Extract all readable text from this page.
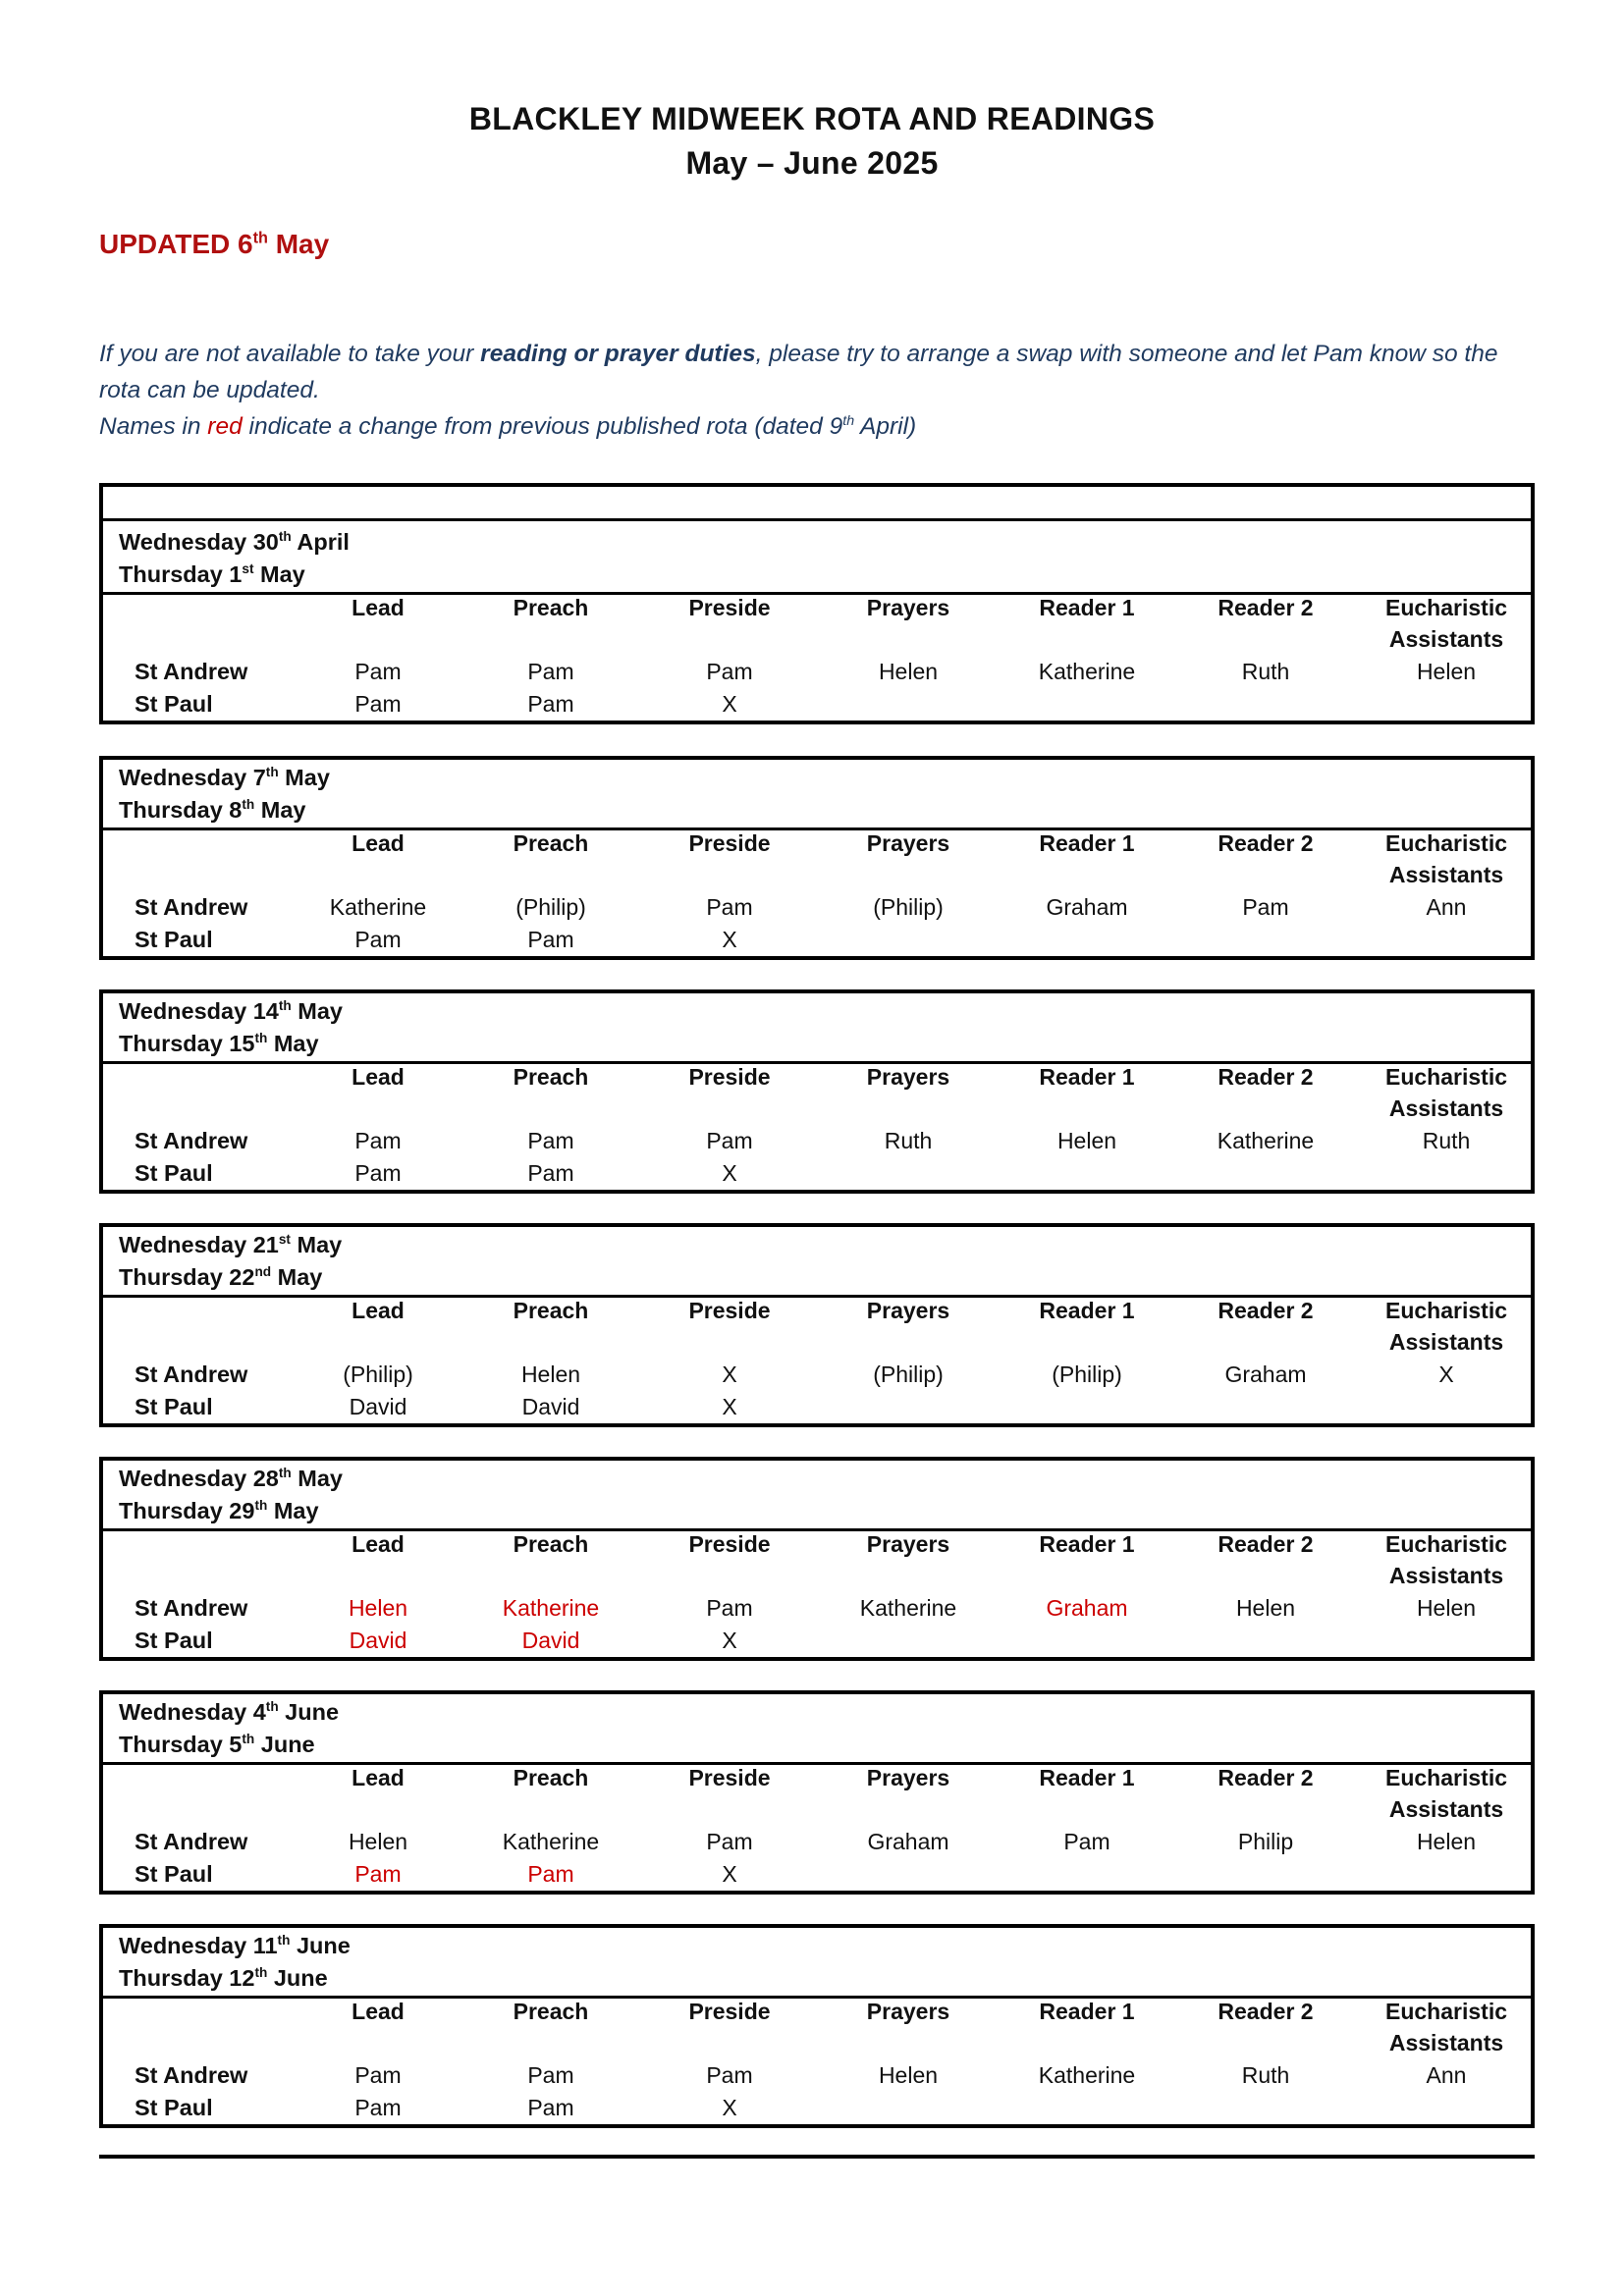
BLACKLEY MIDWEEK ROTA AND READINGS
May – June 2025
UPDATED 6th May
If you are not available to take your reading or prayer duties, please try to arrange a swap with someone and let Pam know so the rota can be updated.
Names in red indicate a change from previous published rota (dated 9th April)
Wednesday 30th April
Thursday 1st May
Lead	Preach	Preside	Prayers	Reader 1	Reader 2	Eucharistic
Assistants
St Andrew	Pam	Pam	Pam	Helen	Katherine	Ruth	Helen
St Paul	Pam	Pam	X
Wednesday 7th May
Thursday 8th May
Lead	Preach	Preside	Prayers	Reader 1	Reader 2	Eucharistic
Assistants
St Andrew	Katherine	(Philip)	Pam	(Philip)	Graham	Pam	Ann
St Paul	Pam	Pam	X
Wednesday 14th May
Thursday 15th May
Lead	Preach	Preside	Prayers	Reader 1	Reader 2	Eucharistic
Assistants
St Andrew	Pam	Pam	Pam	Ruth	Helen	Katherine	Ruth
St Paul	Pam	Pam	X
Wednesday 21st May
Thursday 22nd May
Lead	Preach	Preside	Prayers	Reader 1	Reader 2	Eucharistic
Assistants
St Andrew	(Philip)	Helen	X	(Philip)	(Philip)	Graham	X
St Paul	David	David	X
Wednesday 28th May
Thursday 29th May
Lead	Preach	Preside	Prayers	Reader 1	Reader 2	Eucharistic
Assistants
St Andrew	Helen	Katherine	Pam	Katherine	Graham	Helen	Helen
St Paul	David	David	X
Wednesday 4th June
Thursday 5th June
Lead	Preach	Preside	Prayers	Reader 1	Reader 2	Eucharistic
Assistants
St Andrew	Helen	Katherine	Pam	Graham	Pam	Philip	Helen
St Paul	Pam	Pam	X
Wednesday 11th June
Thursday 12th June
Lead	Preach	Preside	Prayers	Reader 1	Reader 2	Eucharistic
Assistants
St Andrew	Pam	Pam	Pam	Helen	Katherine	Ruth	Ann
St Paul	Pam	Pam	X
